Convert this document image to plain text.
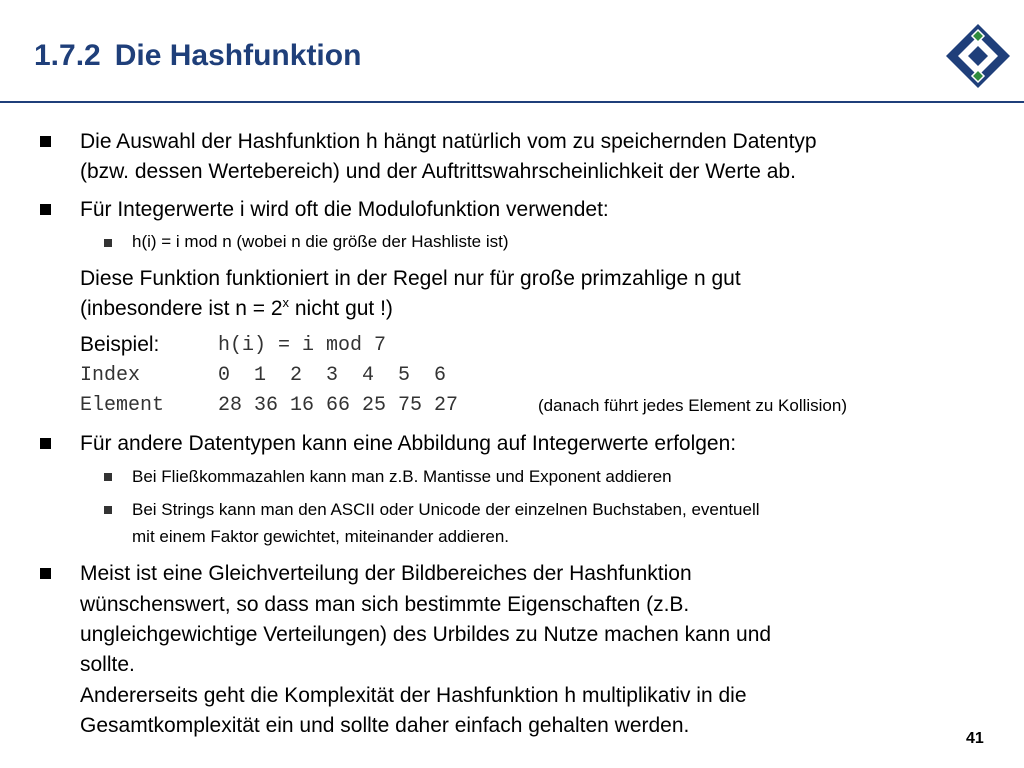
1.7.2 Die Hashfunktion
Die Auswahl der Hashfunktion h hängt natürlich vom zu speichernden Datentyp
(bzw. dessen Wertebereich) und der Auftrittswahrscheinlichkeit der Werte ab.
Für Integerwerte i wird oft die Modulofunktion verwendet:
h(i) = i mod n (wobei n die größe der Hashliste ist)
Diese Funktion funktioniert in der Regel nur für große primzahlige n gut
(inbesondere ist $n = 2^x$ nicht gut !)
Beispiel:	h(i) = i mod 7
Index	0  1  2  3  4  5  6
Element	28 36 16 66 25 75 27	(danach führt jedes Element zu Kollision)
Für andere Datentypen kann eine Abbildung auf Integerwerte erfolgen:
Bei Fließkommazahlen kann man z.B. Mantisse und Exponent addieren
Bei Strings kann man den ASCII oder Unicode der einzelnen Buchstaben, eventuell
mit einem Faktor gewichtet, miteinander addieren.
Meist ist eine Gleichverteilung der Bildbereiches der Hashfunktion
wünschenswert, so dass man sich bestimmte Eigenschaften (z.B.
ungleichgewichtige Verteilungen) des Urbildes zu Nutze machen kann und
sollte.
Andererseits geht die Komplexität der Hashfunktion h multiplikativ in die
Gesamtkomplexität ein und sollte daher einfach gehalten werden.
41
